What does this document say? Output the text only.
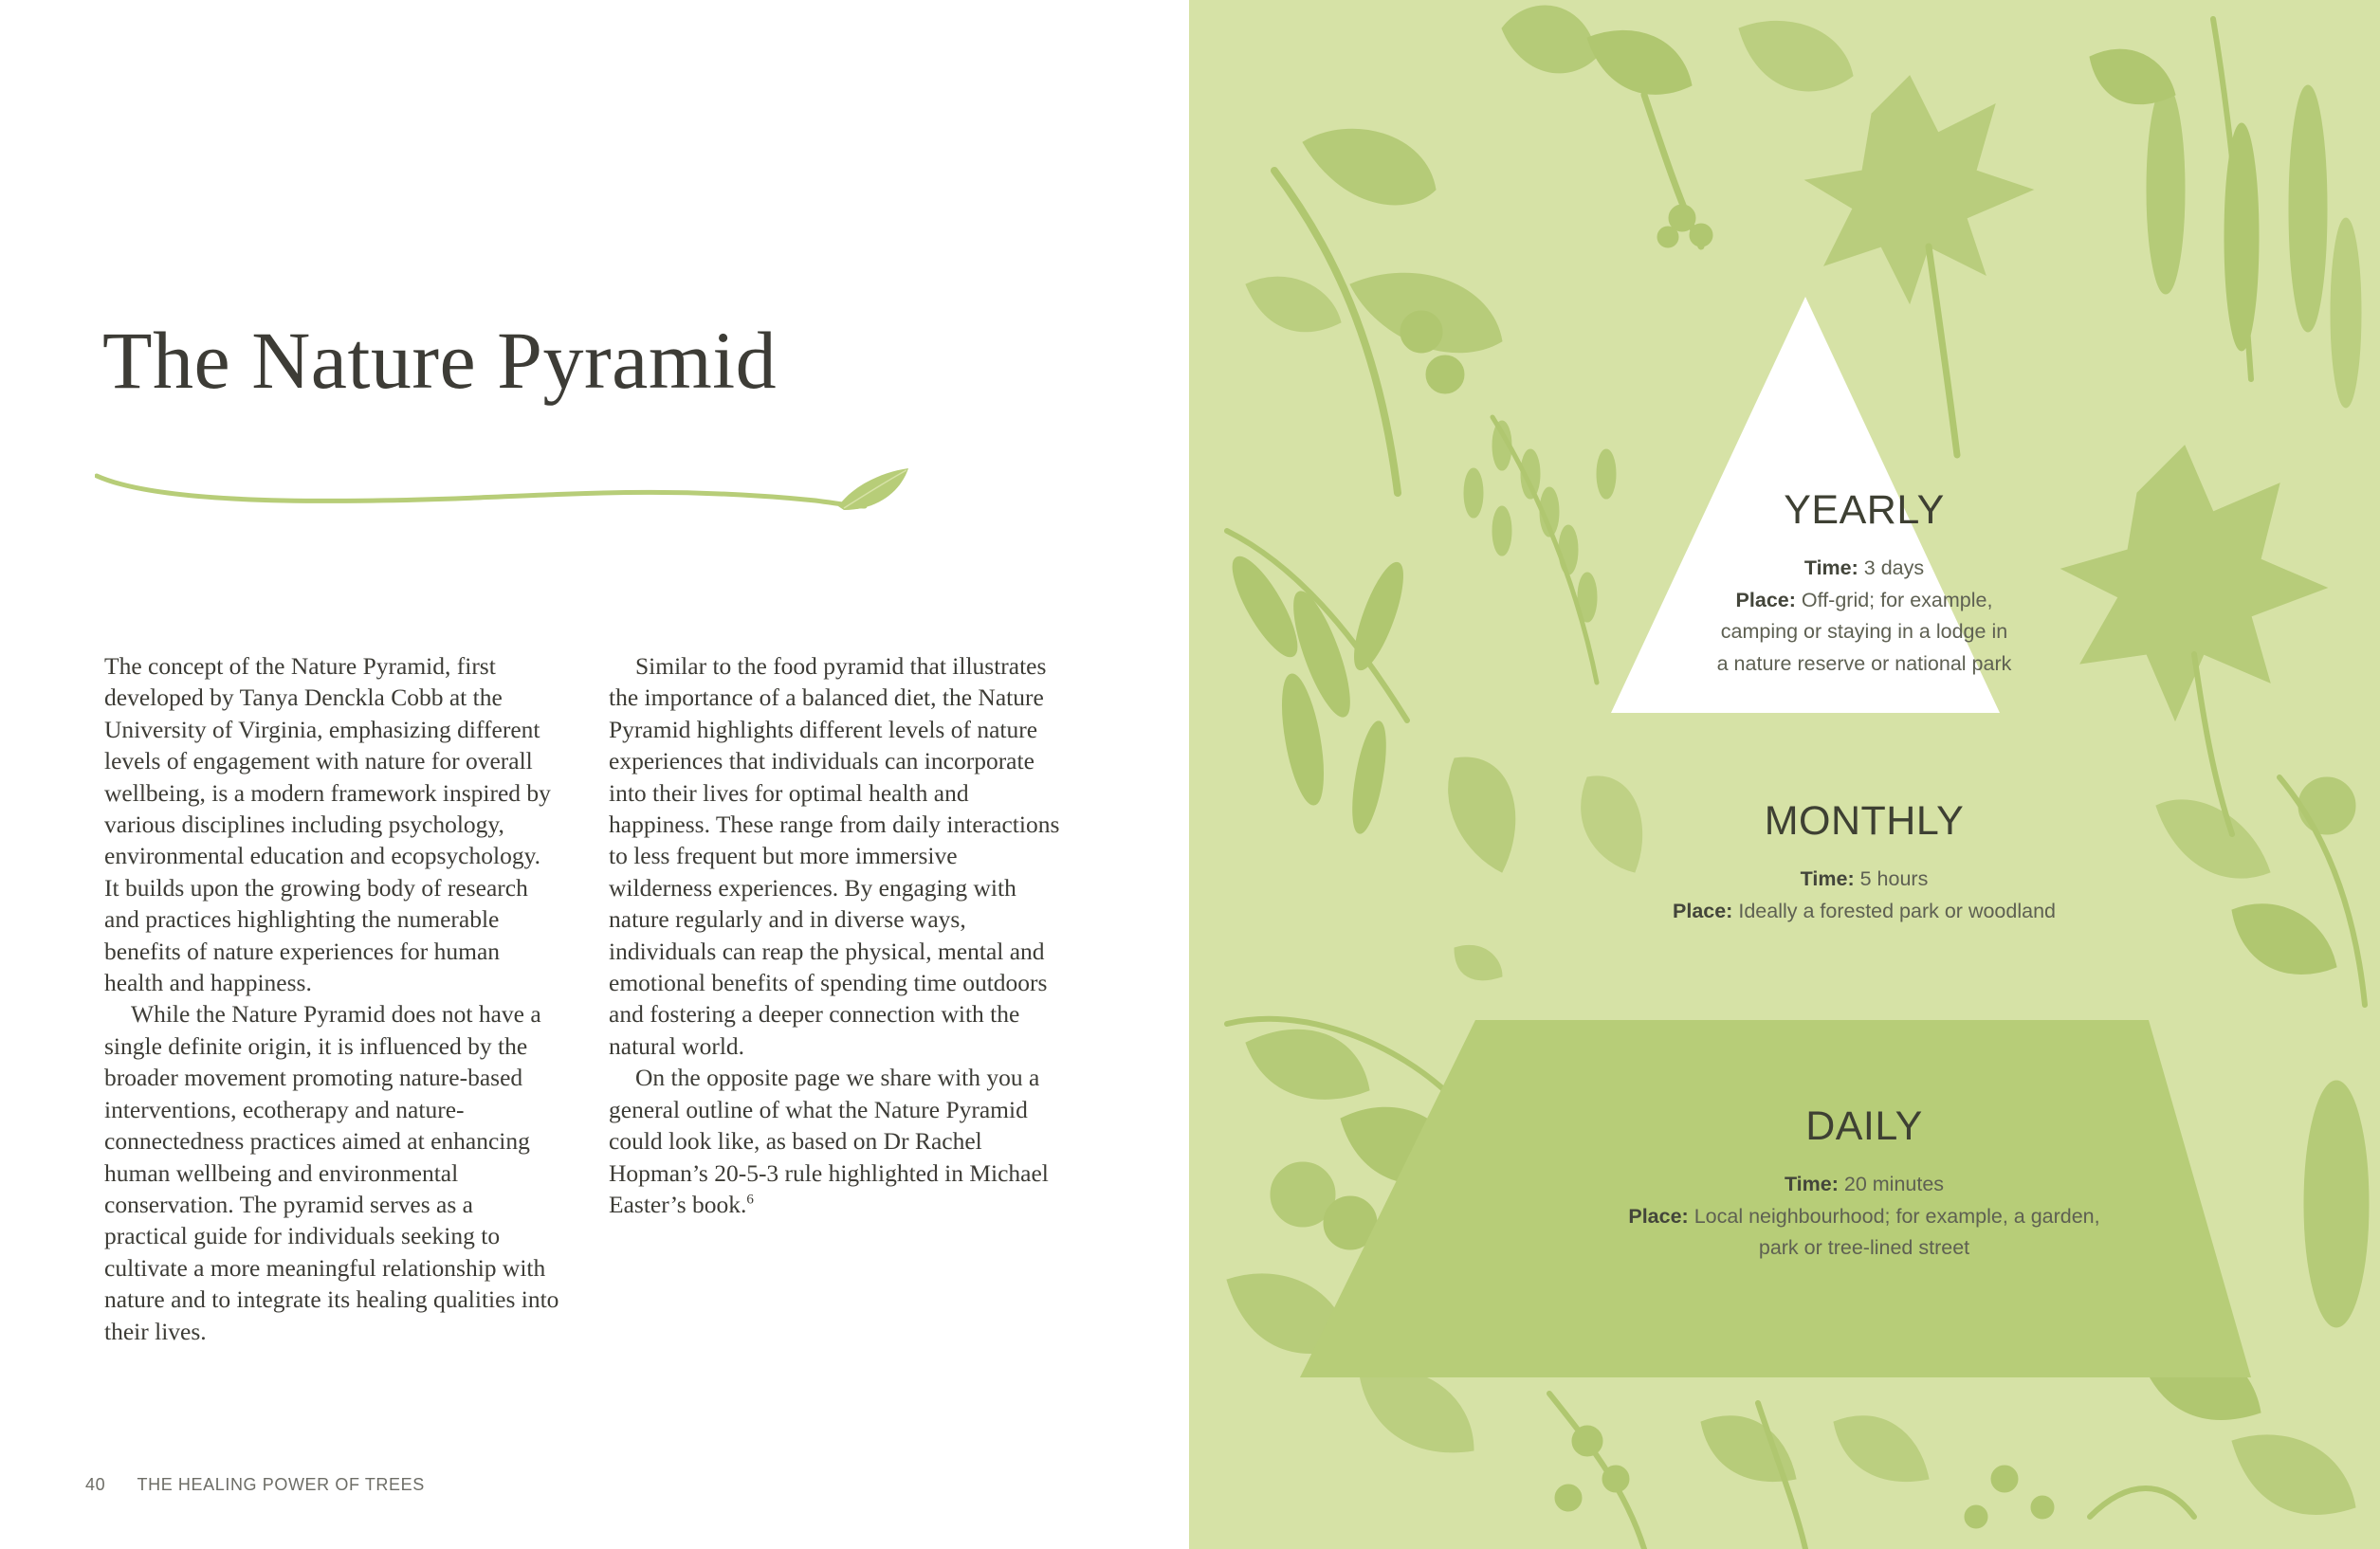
The Nature Pyramid

The concept of the Nature Pyramid, first developed by Tanya Denckla Cobb at the University of Virginia, emphasizing different levels of engagement with nature for overall wellbeing, is a modern framework inspired by various disciplines including psychology, environmental education and ecopsychology. It builds upon the growing body of research and practices highlighting the numerable benefits of nature experiences for human health and happiness.

While the Nature Pyramid does not have a single definite origin, it is influenced by the broader movement promoting nature-based interventions, ecotherapy and nature-connectedness practices aimed at enhancing human wellbeing and environmental conservation. The pyramid serves as a practical guide for individuals seeking to cultivate a more meaningful relationship with nature and to integrate its healing qualities into their lives.

Similar to the food pyramid that illustrates the importance of a balanced diet, the Nature Pyramid highlights different levels of nature experiences that individuals can incorporate into their lives for optimal health and happiness. These range from daily interactions to less frequent but more immersive wilderness experiences. By engaging with nature regularly and in diverse ways, individuals can reap the physical, mental and emotional benefits of spending time outdoors and fostering a deeper connection with the natural world.

On the opposite page we share with you a general outline of what the Nature Pyramid could look like, as based on Dr Rachel Hopman’s 20-5-3 rule highlighted in Michael Easter’s book.$^6$

40 THE HEALING POWER OF TREES
YEARLY
Time: 3 days
Place: Off-grid; for example,
camping or staying in a lodge in
a nature reserve or national park
MONTHLY
Time: 5 hours
Place: Ideally a forested park or woodland
DAILY
Time: 20 minutes
Place: Local neighbourhood; for example, a garden,
park or tree-lined street
